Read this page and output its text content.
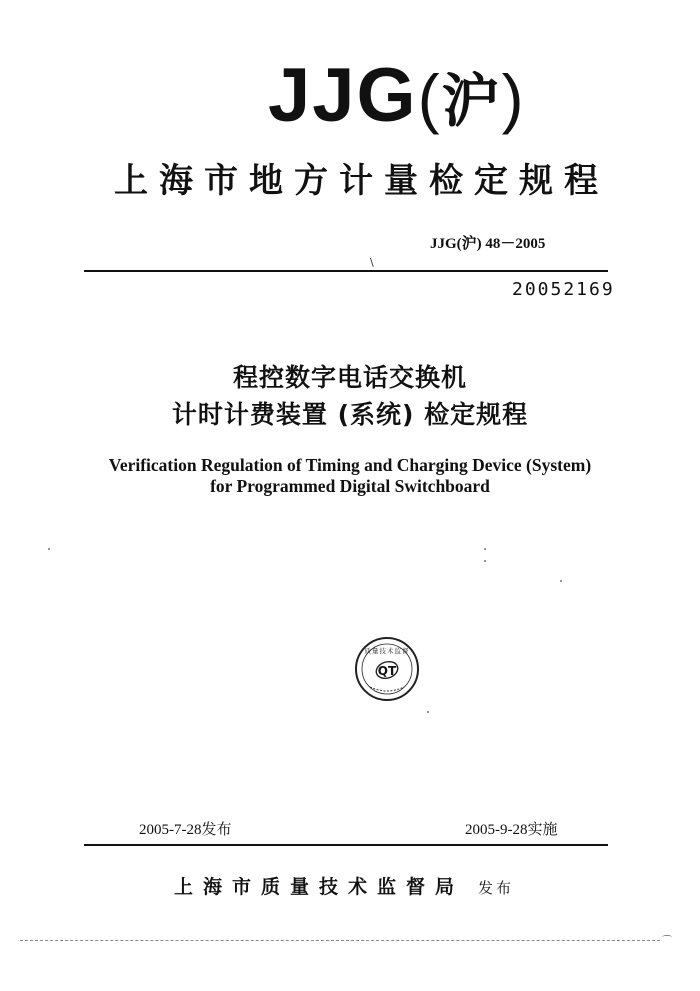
JJG(沪)
上海市地方计量检定规程
JJG(沪) 48－2005
\
20052169
程控数字电话交换机
计时计费装置 (系统) 检定规程
Verification Regulation of Timing and Charging Device (System)
for Programmed Digital Switchboard
QT
质量技术监督
2005-7-28发布	2005-9-28实施
上海市质量技术监督局 发布
⌒
